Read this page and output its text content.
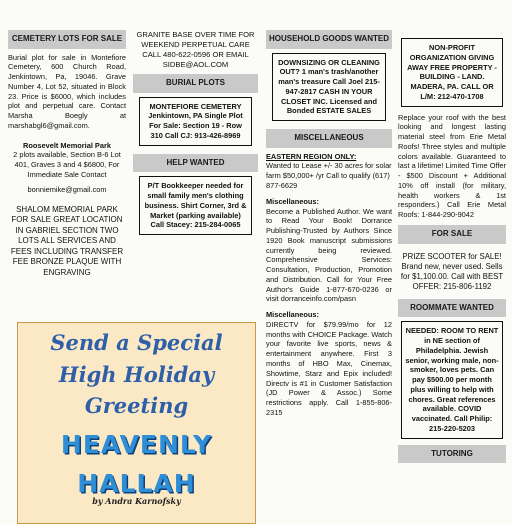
CEMETERY LOTS FOR SALE

Burial plot for sale in Montefiore Cemetery, 600 Church Road, Jenkintown, Pa, 19046. Grave Number 4, Lot 52, situated in Block 23. Price is $6000, which includes plot and perpetual care. Contact Marsha Boegly at marshabgl6@gmail.com.

Roosevelt Memorial Park
2 plots available, Section B-6 Lot 401, Graves 3 and 4 $6800, For Immediate Sale Contact
bonniemike@gmail.com
SHALOM MEMORIAL PARK FOR SALE GREAT LOCATION IN GABRIEL SECTION TWO LOTS ALL SERVICES AND FEES INCLUDING TRANSFER FEE BRONZE PLAQUE WITH ENGRAVING
GRANITE BASE OVER TIME FOR WEEKEND PERPETUAL CARE CALL 480-622-0596 OR EMAIL SIDBE@AOL.COM
BURIAL PLOTS
MONTEFIORE CEMETERY Jenkintown, PA Single Plot For Sale: Section 19 - Row 310 Call CJ: 913-426-8969
HELP WANTED
P/T Bookkeeper needed for small family men's clothing business. Shirt Corner, 3rd & Market (parking available) Call Stacey: 215-284-0065
Send a Special
High Holiday
Greeting
HEAVENLY
HALLAH
by Andra Karnofsky
HOUSEHOLD GOODS WANTED
DOWNSIZING OR CLEANING OUT? 1 man's trash/another man's treasure Call Joel 215-947-2817 CASH IN YOUR CLOSET INC. Licensed and Bonded ESTATE SALES
MISCELLANEOUS
EASTERN REGION ONLY:
Wanted to Lease +/- 30 acres for solar farm $50,000+ /yr Call to qualify (617) 877-6629
Miscellaneous:
Become a Published Author. We want to Read Your Book! Dorrance Publishing-Trusted by Authors Since 1920 Book manuscript submissions currently being reviewed. Comprehensive Services: Consultation, Production, Promotion and Distribution. Call for Your Free Author's Guide 1-877-670-0236 or visit dorranceinfo.com/pasn
Miscellaneous:
DIRECTV for $79.99/mo for 12 months with CHOICE Package. Watch your favorite live sports, news & entertainment anywhere. First 3 months of HBO Max, Cinemax, Showtime, Starz and Epix included! Directv is #1 in Customer Satisfaction (JD Power & Assoc.) Some restrictions apply. Call 1-855-806-2315
NON-PROFIT ORGANIZATION GIVING AWAY FREE PROPERTY - BUILDING - LAND. MADERA, PA. CALL OR L/M: 212-470-1708

Replace your roof with the best looking and longest lasting material steel from Erie Metal Roofs! Three styles and multiple colors available. Guaranteed to last a lifetime! Limited Time Offer - $500 Discount + Additional 10% off install (for military, health workers & 1st responders.) Call Erie Metal Roofs: 1-844-290-9042

FOR SALE
PRIZE SCOOTER for SALE! Brand new, never used. Sells for $1,100.00. Call with BEST OFFER: 215-806-1192
ROOMMATE WANTED
NEEDED: ROOM TO RENT in NE section of Philadelphia. Jewish senior, working male, non-smoker, loves pets. Can pay $500.00 per month plus willing to help with chores. Great references available. COVID vaccinated. Call Philip: 215-220-5203
TUTORING
